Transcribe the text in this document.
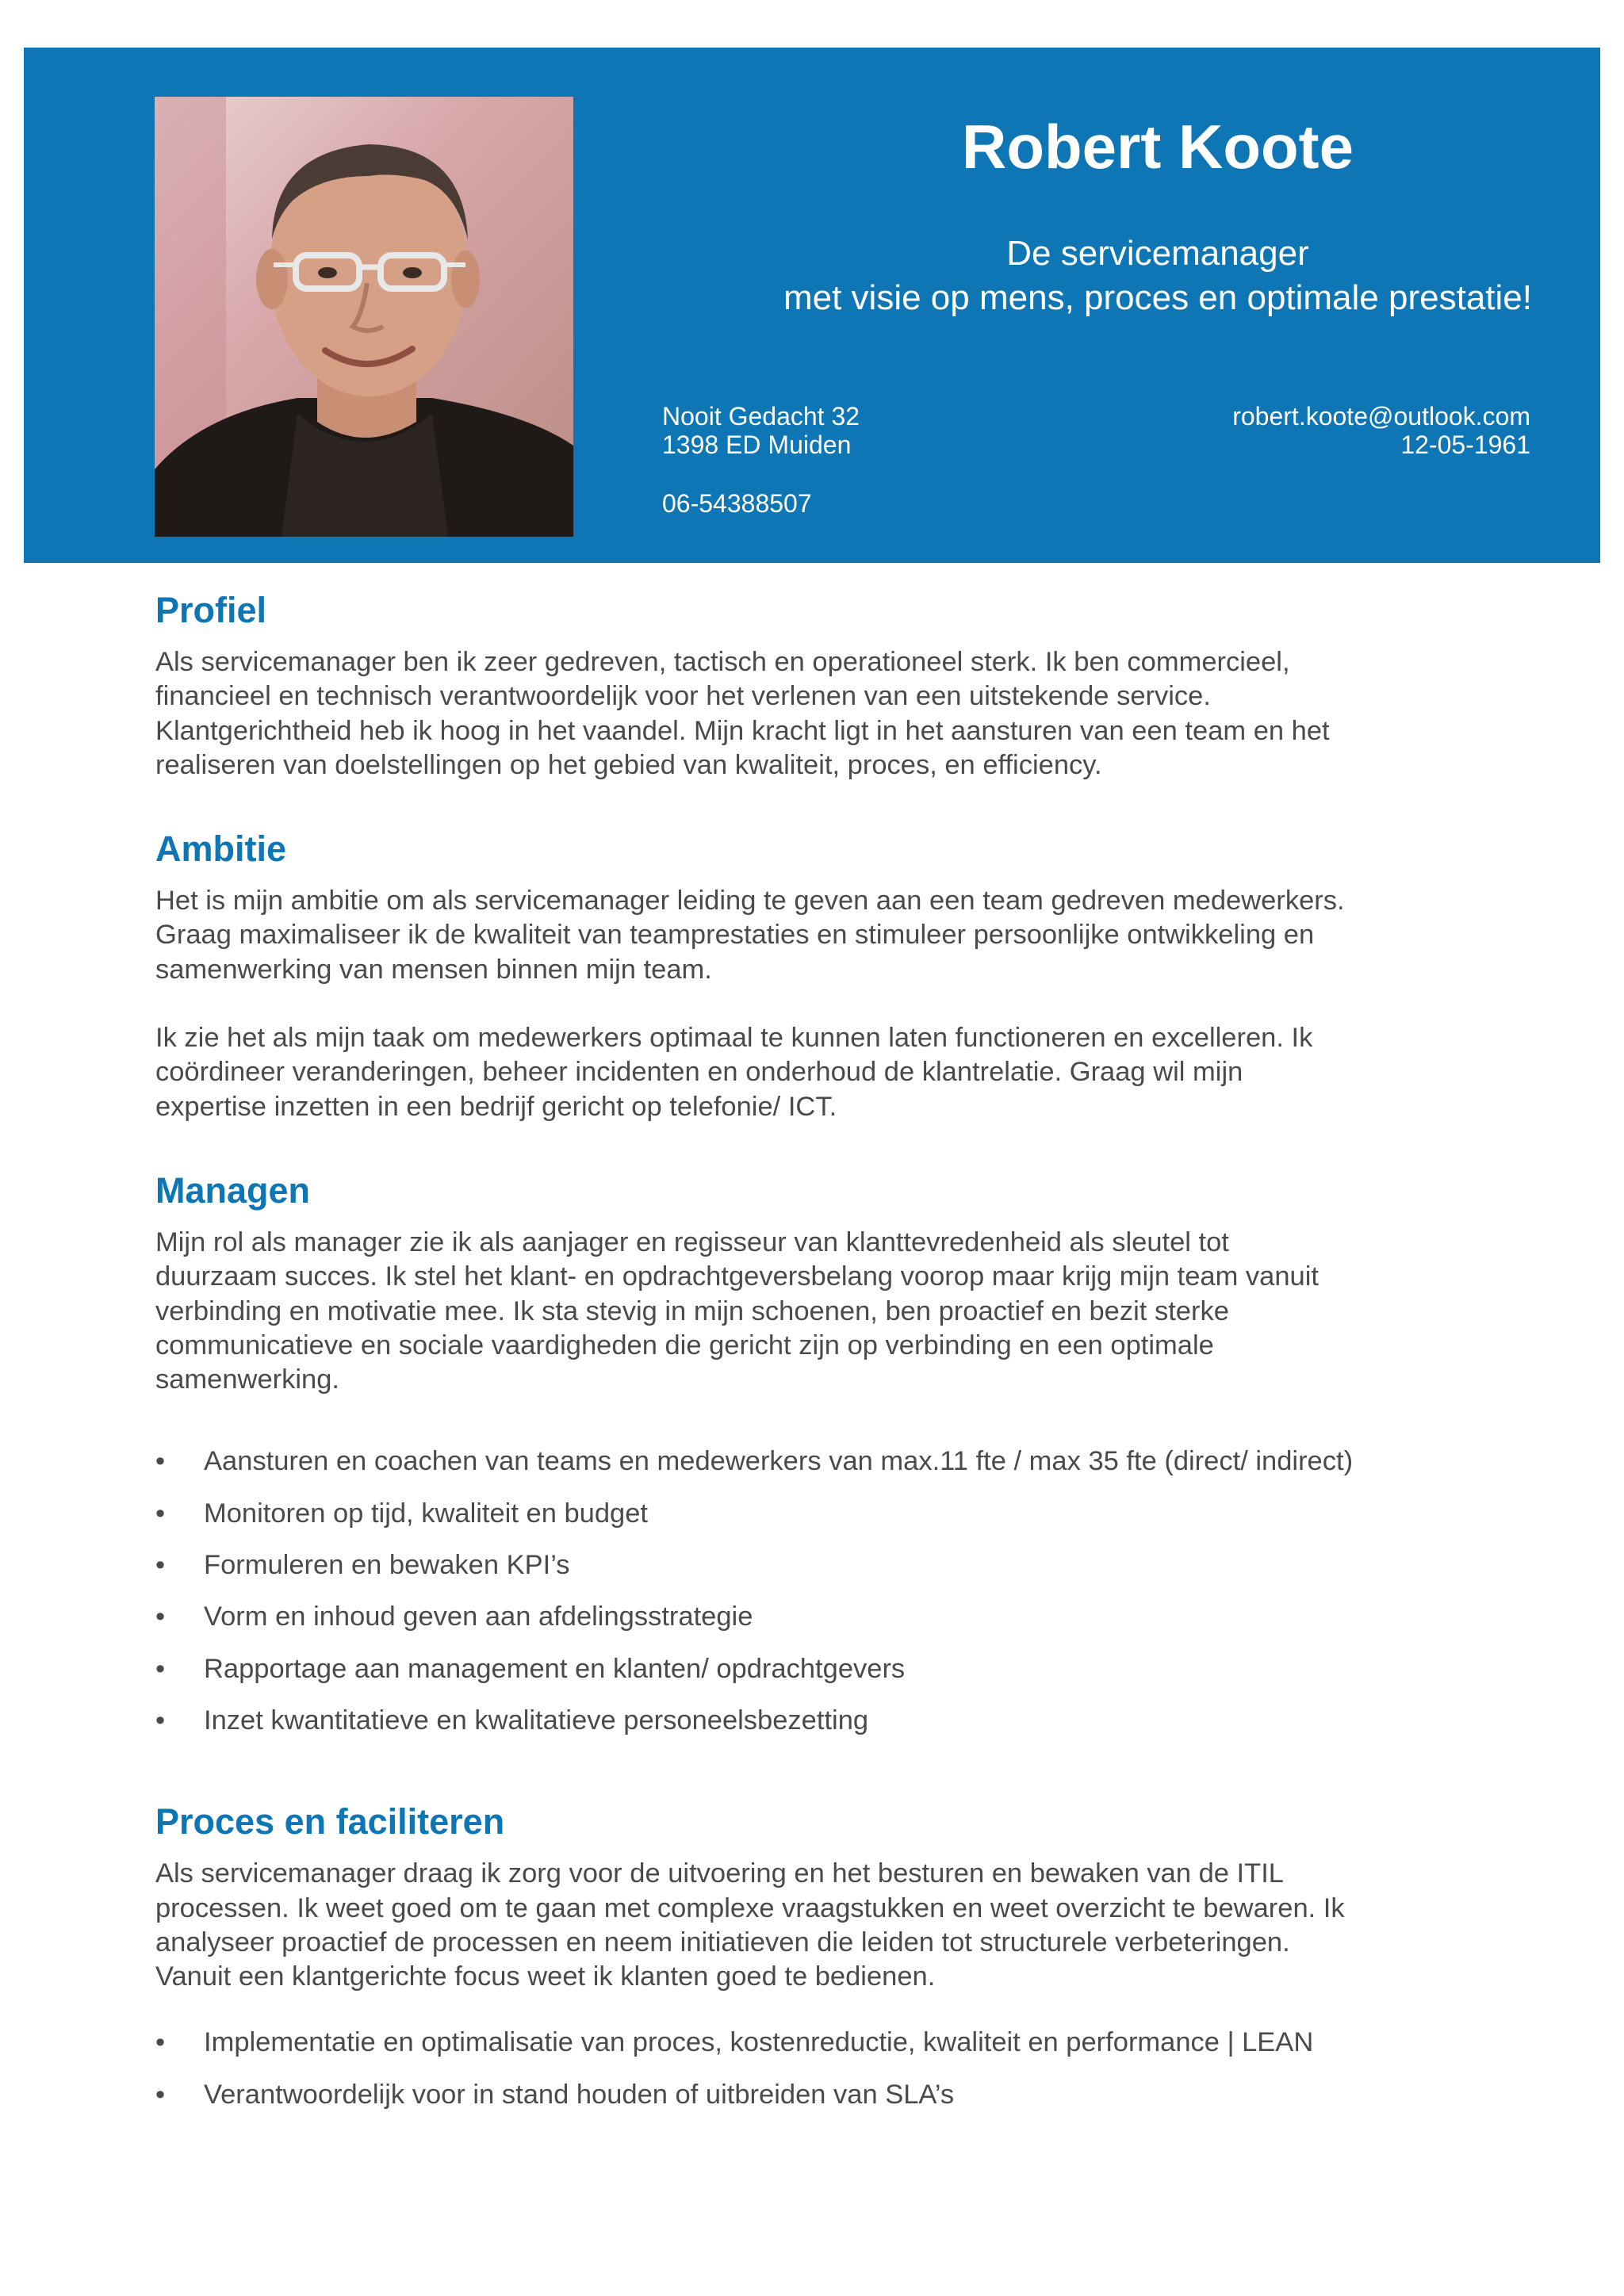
Robert Koote
De servicemanager
met visie op mens, proces en optimale prestatie!
Nooit Gedacht 32
1398 ED Muiden
06-54388507
robert.koote@outlook.com
12-05-1961
Profiel

Als servicemanager ben ik zeer gedreven, tactisch en operationeel sterk. Ik ben commercieel,
financieel en technisch verantwoordelijk voor het verlenen van een uitstekende service.
Klantgerichtheid heb ik hoog in het vaandel. Mijn kracht ligt in het aansturen van een team en het
realiseren van doelstellingen op het gebied van kwaliteit, proces, en efficiency.

Ambitie

Het is mijn ambitie om als servicemanager leiding te geven aan een team gedreven medewerkers.
Graag maximaliseer ik de kwaliteit van teamprestaties en stimuleer persoonlijke ontwikkeling en
samenwerking van mensen binnen mijn team.

Ik zie het als mijn taak om medewerkers optimaal te kunnen laten functioneren en excelleren. Ik
coördineer veranderingen, beheer incidenten en onderhoud de klantrelatie. Graag wil mijn
expertise inzetten in een bedrijf gericht op telefonie/ ICT.

Managen

Mijn rol als manager zie ik als aanjager en regisseur van klanttevredenheid als sleutel tot
duurzaam succes. Ik stel het klant- en opdrachtgeversbelang voorop maar krijg mijn team vanuit
verbinding en motivatie mee. Ik sta stevig in mijn schoenen, ben proactief en bezit sterke
communicatieve en sociale vaardigheden die gericht zijn op verbinding en een optimale
samenwerking.

• Aansturen en coachen van teams en medewerkers van max.11 fte / max 35 fte (direct/ indirect)
• Monitoren op tijd, kwaliteit en budget
• Formuleren en bewaken KPI’s
• Vorm en inhoud geven aan afdelingsstrategie
• Rapportage aan management en klanten/ opdrachtgevers
• Inzet kwantitatieve en kwalitatieve personeelsbezetting
Proces en faciliteren

Als servicemanager draag ik zorg voor de uitvoering en het besturen en bewaken van de ITIL
processen. Ik weet goed om te gaan met complexe vraagstukken en weet overzicht te bewaren. Ik
analyseer proactief de processen en neem initiatieven die leiden tot structurele verbeteringen.
Vanuit een klantgerichte focus weet ik klanten goed te bedienen.

• Implementatie en optimalisatie van proces, kostenreductie, kwaliteit en performance | LEAN
• Verantwoordelijk voor in stand houden of uitbreiden van SLA’s
